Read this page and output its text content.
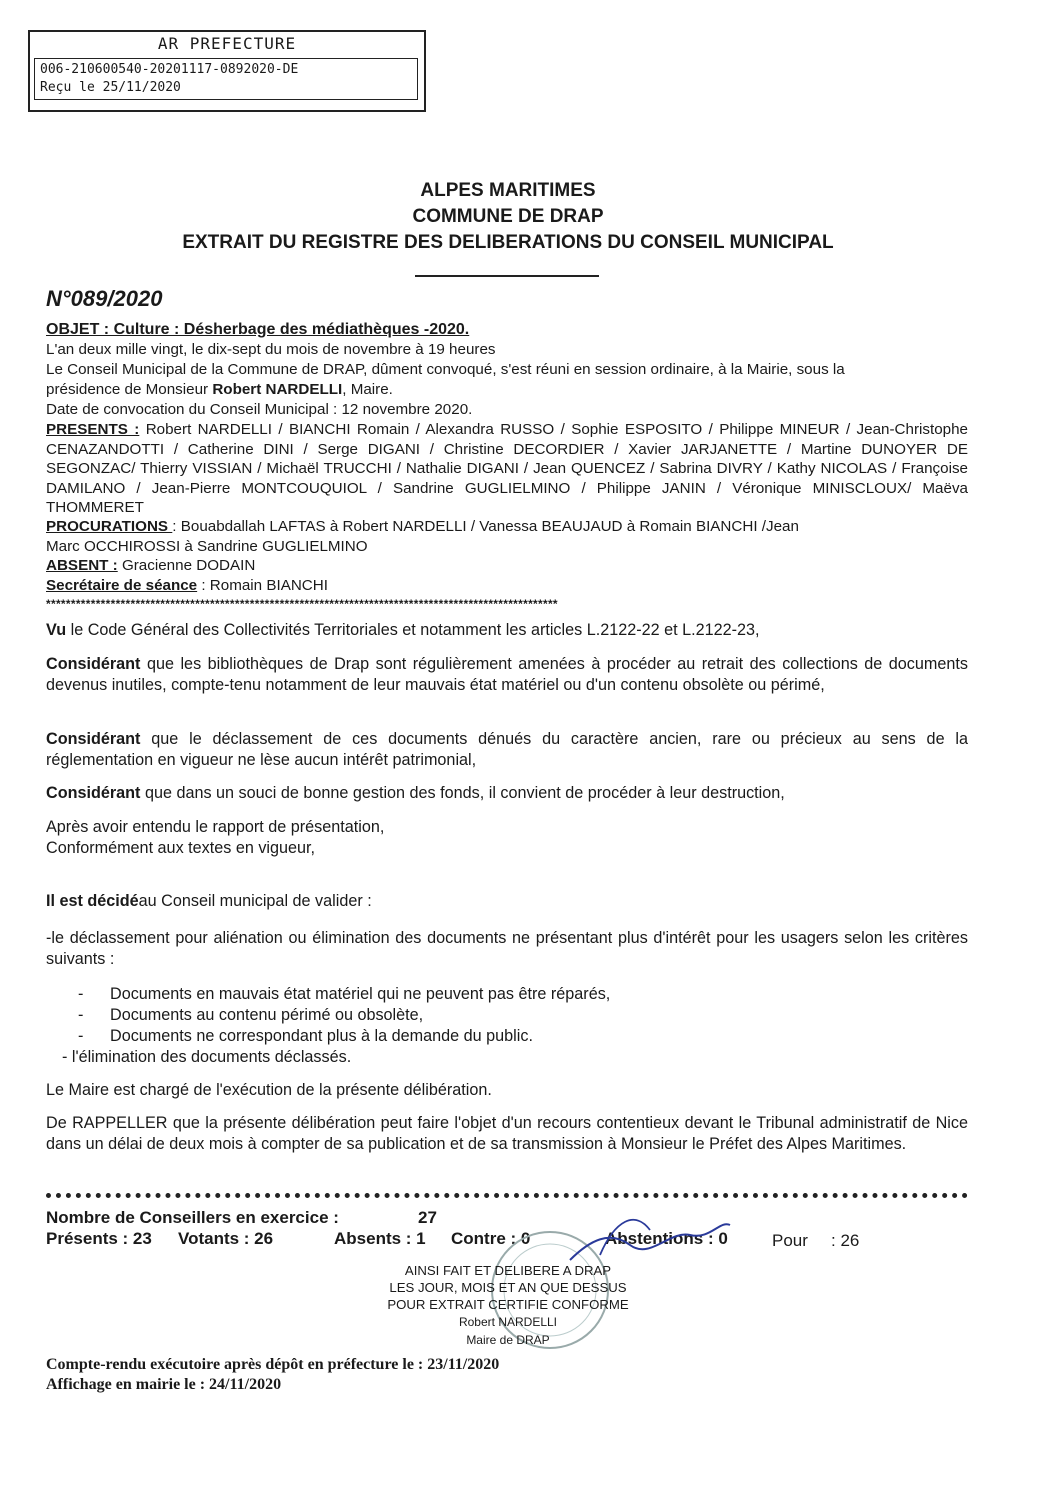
AR PREFECTURE
006-210600540-20201117-0892020-DE
Reçu le 25/11/2020
ALPES MARITIMES
COMMUNE DE DRAP
EXTRAIT DU REGISTRE DES DELIBERATIONS DU CONSEIL MUNICIPAL
N°089/2020
OBJET : Culture : Désherbage des médiathèques -2020.
L'an deux mille vingt, le dix-sept du mois de novembre à 19 heures
Le Conseil Municipal de la Commune de DRAP, dûment convoqué, s'est réuni en session ordinaire, à la Mairie, sous la
présidence de Monsieur Robert NARDELLI, Maire.
Date de convocation du Conseil Municipal : 12 novembre 2020.
PRESENTS : Robert NARDELLI / BIANCHI Romain / Alexandra RUSSO / Sophie ESPOSITO / Philippe MINEUR / Jean-Christophe CENAZANDOTTI / Catherine DINI / Serge DIGANI / Christine DECORDIER / Xavier JARJANETTE / Martine DUNOYER DE SEGONZAC/ Thierry VISSIAN / Michaël TRUCCHI / Nathalie DIGANI / Jean QUENCEZ / Sabrina DIVRY / Kathy NICOLAS / Françoise DAMILANO / Jean-Pierre MONTCOUQUIOL / Sandrine GUGLIELMINO / Philippe JANIN / Véronique MINISCLOUX/ Maëva THOMMERET
PROCURATIONS : Bouabdallah LAFTAS à Robert NARDELLI / Vanessa BEAUJAUD à Romain BIANCHI /Jean
Marc OCCHIROSSI à Sandrine GUGLIELMINO
ABSENT : Gracienne DODAIN
Secrétaire de séance : Romain BIANCHI
*******************************************************************************************************
Vu le Code Général des Collectivités Territoriales et notamment les articles L.2122-22 et L.2122-23,
Considérant que les bibliothèques de Drap sont régulièrement amenées à procéder au retrait des collections de documents devenus inutiles, compte-tenu notamment de leur mauvais état matériel ou d'un contenu obsolète ou périmé,
Considérant que le déclassement de ces documents dénués du caractère ancien, rare ou précieux au sens de la réglementation en vigueur ne lèse aucun intérêt patrimonial,
Considérant que dans un souci de bonne gestion des fonds, il convient de procéder à leur destruction,
Après avoir entendu le rapport de présentation,
Conformément aux textes en vigueur,
Il est décidéau Conseil municipal de valider :
-le déclassement pour aliénation ou élimination des documents ne présentant plus d'intérêt pour les usagers selon les critères suivants :
- Documents en mauvais état matériel qui ne peuvent pas être réparés,
- Documents au contenu périmé ou obsolète,
- Documents ne correspondant plus à la demande du public.
- l'élimination des documents déclassés.
Le Maire est chargé de l'exécution de la présente délibération.
De RAPPELLER que la présente délibération peut faire l'objet d'un recours contentieux devant le Tribunal administratif de Nice dans un délai de deux mois à compter de sa publication et de sa transmission à Monsieur le Préfet des Alpes Maritimes.
Nombre de Conseillers en exercice :	27
Présents : 23 Votants : 26	Absents : 1 Contre : 0	Abstentions : 0	Pour : 26
AINSI FAIT ET DELIBERE A DRAP
LES JOUR, MOIS ET AN QUE DESSUS
POUR EXTRAIT CERTIFIE CONFORME
Robert NARDELLI
Maire de DRAP
Compte-rendu exécutoire après dépôt en préfecture le : 23/11/2020
Affichage en mairie le : 24/11/2020
